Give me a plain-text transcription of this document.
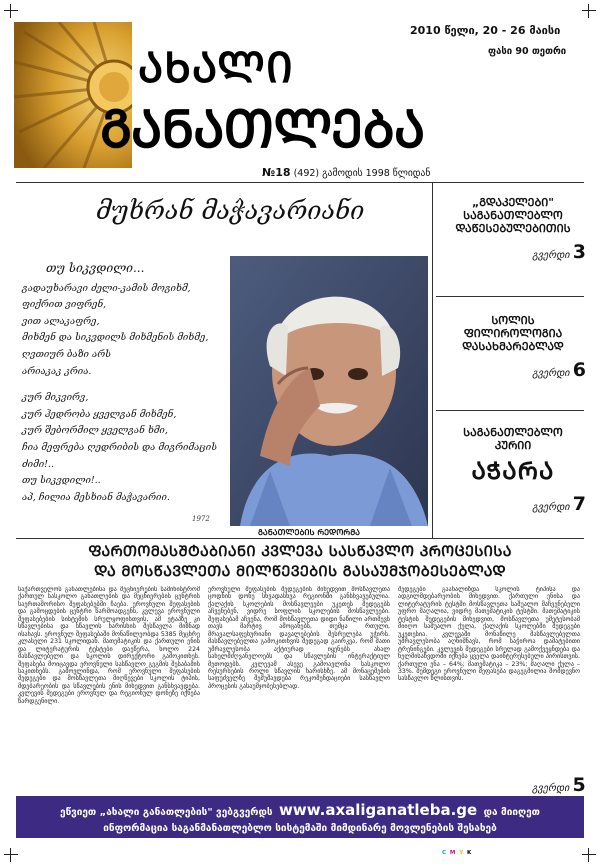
ᲐᲮᲐᲚᲘ
ᲒᲐᲜᲐᲗᲚᲔᲑᲐ
2010 წელი, 20 - 26 მაისი
ფასი 90 თეთრი
№18 (492) გამოდის 1998 წლიდან
მუხრან მაჭავარიანი
თუ სიკვდილი...
გადაუხარავი ძელი-კამის მოგიხმ,
ფიქრით ვიფრენ,
ვით ალაკაფრე,
მიხმენ და სიკვდილს მიხმენის მიხმე,
ღვთიურ ბაზი არს
არიაკაკ კრია.
კურ მიკვირვ,
კურ ჰედრობა ყველგან მიხმენ,
კურ შებორმილ ყველგან ხმი,
ჩია მეფრება ღედრიბის და მიგრიმაცის ძიმი!..
თუ სიკვდილი!..
აპ, ჩილია მესხიან მაჭავარიი.
1972
ᲒᲐᲜᲐᲗᲚᲔᲑᲘᲡ ᲠᲔᲓᲝᲠᲛᲐ
„ᲒᲓᲐᲙᲔᲚᲔᲑᲘ"
ᲡᲐᲒᲐᲜᲐᲗᲚᲔᲑᲚᲝ
ᲓᲐᲬᲔᲡᲔᲑᲣᲚᲔᲑᲘᲗᲘᲡ
გვერდი 3
ᲡᲝᲚᲘᲡ
ᲤᲘᲚᲘᲠᲝᲚᲝᲒᲘᲐ
ᲓᲐᲡᲐᲮᲛᲐᲠᲔᲑᲚᲐᲓ
გვერდი 6
ᲡᲐᲒᲐᲜᲐᲗᲚᲔᲑᲚᲝ
ᲙᲣᲠᲘᲘ
ᲐᲭᲐᲠᲐ
გვერდი 7
ᲤᲐᲠᲗᲝᲛᲐᲡᲨᲢᲐᲑᲘᲐᲜᲘ ᲙᲕᲚᲔᲕᲐ ᲡᲐᲡᲬᲐᲕᲚᲝ ᲞᲠᲝᲪᲔᲡᲘᲡᲐ
ᲓᲐ ᲛᲝᲡᲬᲐᲕᲚᲔᲗᲐ ᲛᲘᲚᲬᲔᲕᲔᲑᲘᲡ ᲒᲐᲡᲐᲣᲛᲯᲝᲑᲔᲡᲔᲑᲚᲐᲓ
საქართველოს განათლებისა და მეცნიერების სამინისტრომ ქართულ სასკოლო განათლების და მეცნიერების ცენტრის საერთაშორისო შეფასებებში ჩაება. ეროვნული შეფასების და გამოცდების ცენტრი წარმოადგენს, კვლევა ეროვნული შეფასებების სისტემის სრულყოფისთვის, ამ ეტაპზე კი სწავლებისა და სწავლის ხარისხის შესწავლა მიზნად ისახავს. ეროვნულ შეფასებაში მონაწილეობდა 5385 მეცხრე კლასელი 231 სკოლიდან. მათემატიკის და ქართული ენის და ლიტერატურის ტესტები დაეწერა, ხოლო 224 მასწავლებელი და სკოლის დირექტორი გამოკითხეს. შეფასება მოიცავდა ეროვნული სასწავლო გეგმის შესაბამის საკითხებს. გამოვლინდა, რომ ეროვნული შეფასების შედეგები და მოსწავლეთა მიღწევები სკოლის ტიპის, მდებარეობის და სწავლების ენის მიხედვით განსხვავდება. კვლევის შედეგები ეროვნულ და რეგიონულ დონეზე იქნება წარდგენილი.
ეროვნული შეფასების შედეგების მიხედვით მოსწავლეთა ცოდნის დონე სხვადასხვა რეგიონში განსხვავებულია. ქალაქის სკოლების მოსწავლეები უკეთეს შედეგებს აჩვენებენ, ვიდრე სოფლის სკოლების მოსწავლეები. შეფასებამ აჩვენა, რომ მოსწავლეთა დიდი ნაწილი ართმევს თავს მარტივ ამოცანებს, თუმცა რთული, მრავალსაფეხურიანი დავალებების შესრულება უჭირს. მასწავლებელთა გამოკითხვის შედეგად გაირკვა, რომ მათი უმრავლესობა აქტიურად იყენებს ახალ სახელმძღვანელოებს და სწავლების ინტერაქტიულ მეთოდებს. კვლევამ ასევე გამოავლინა სასკოლო რესურსების როლი სწავლის ხარისხზე. ამ მონაცემების საფუძველზე შემუშავდება რეკომენდაციები სასწავლო პროცესის გასაუმჯობესებლად.
შედეგები გაანალიზდა სკოლის ტიპისა და ადგილმდებარეობის მიხედვით. ქართული ენისა და ლიტერატურის ტესტში მოსწავლეთა საშუალო მაჩვენებელი უფრო მაღალია, ვიდრე მათემატიკის ტესტში. მათემატიკის ტესტის შედეგების მიხედვით, მოსწავლეთა უმეტესობამ მიიღო საშუალო ქულა, ქალაქის სკოლებში შედეგები უკეთესია. კვლევაში მონაწილე მასწავლებელთა უმრავლესობა აღნიშნავს, რომ საჭიროა დამატებითი ტრენინგები. კვლევის შედეგები სრულად გამოქვეყნდება და ხელმისაწვდომი იქნება ყველა დაინტერესებული პირისთვის. ქართული ენა – 64%; მათემატიკა – 23%; მაღალი ქულა – 33%. შემდეგი ეროვნული შეფასება დაგეგმილია მომდევნო სასწავლო წლისთვის.
გვერდი 5
ეწვიეთ „ახალი განათლების" ვებგვერდს www.axaliganatleba.ge და მიიღეთ
ინფორმაცია საგანმანათლებლო სისტემაში მიმდინარე მოვლენების შესახებ
C M Y K
